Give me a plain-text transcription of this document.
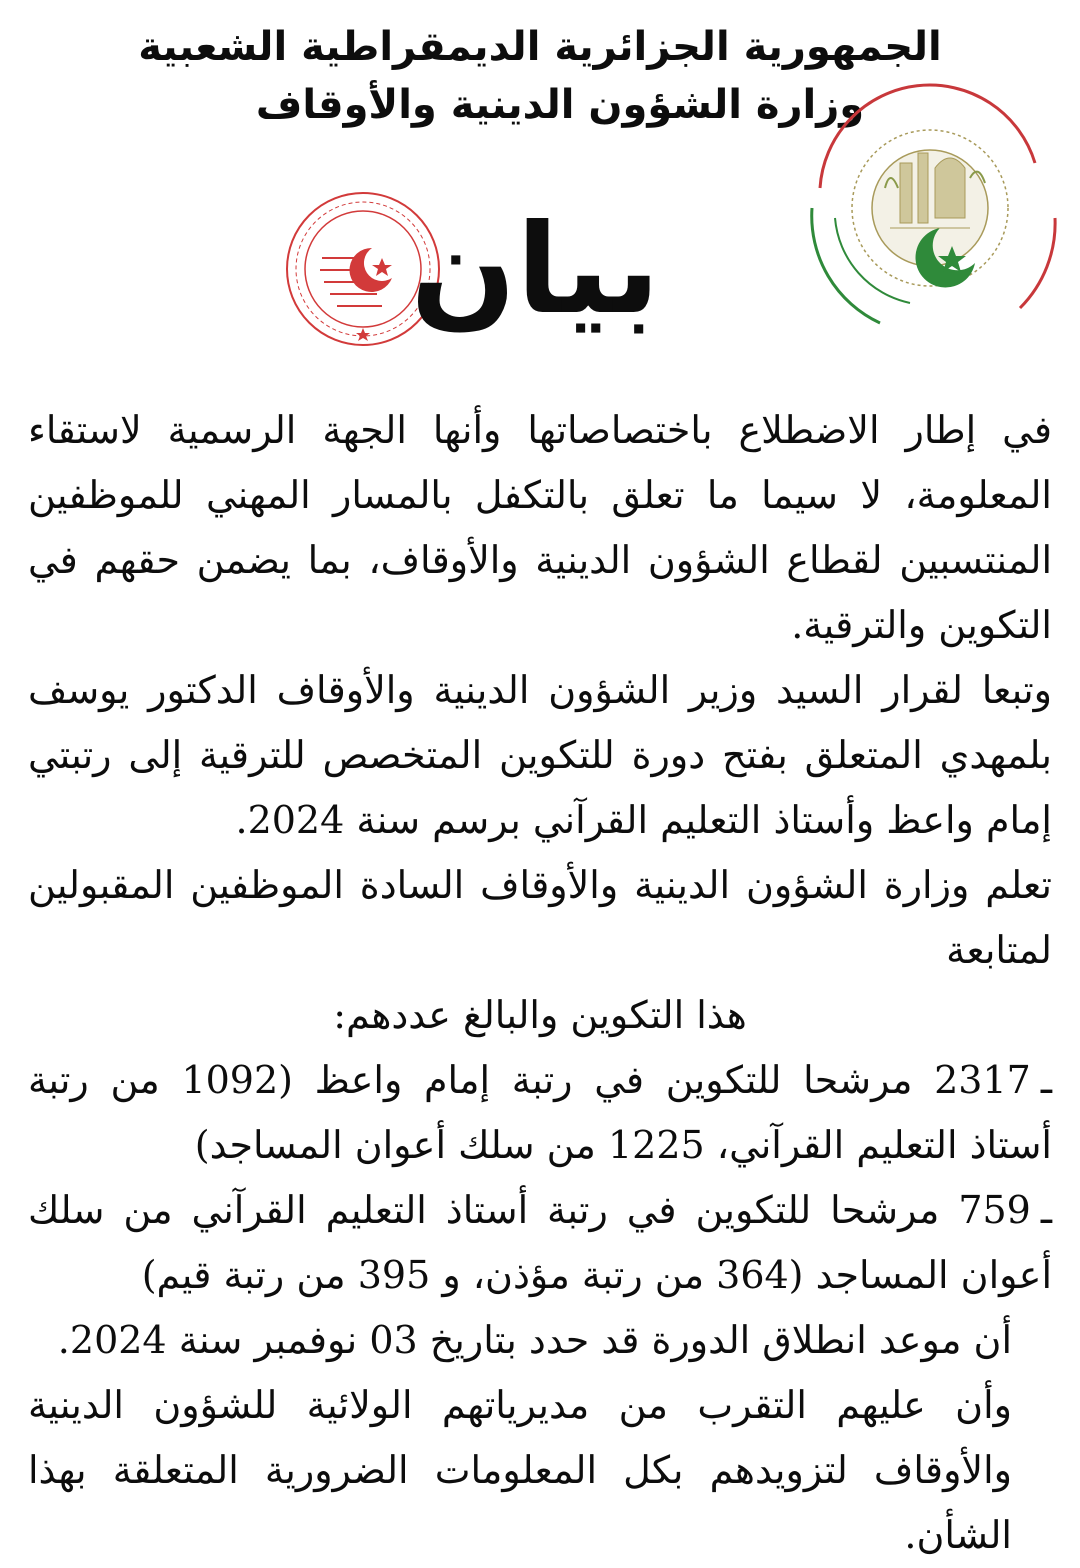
الجمهورية الجزائرية الديمقراطية الشعبية
وزارة الشؤون الدينية والأوقاف
بيان

في إطار الاضطلاع باختصاصاتها وأنها الجهة الرسمية لاستقاء المعلومة، لا سيما ما تعلق بالتكفل بالمسار المهني للموظفين المنتسبين لقطاع الشؤون الدينية والأوقاف، بما يضمن حقهم في التكوين والترقية.

وتبعا لقرار السيد وزير الشؤون الدينية والأوقاف الدكتور يوسف بلمهدي المتعلق بفتح دورة للتكوين المتخصص للترقية إلى رتبتي إمام واعظ وأستاذ التعليم القرآني برسم سنة 2024.

تعلم وزارة الشؤون الدينية والأوقاف السادة الموظفين المقبولين لمتابعة

هذا التكوين والبالغ عددهم:

ـ2317 مرشحا للتكوين في رتبة إمام واعظ (1092 من رتبة أستاذ التعليم القرآني، 1225 من سلك أعوان المساجد)

ـ759 مرشحا للتكوين في رتبة أستاذ التعليم القرآني من سلك أعوان المساجد (364 من رتبة مؤذن، و 395 من رتبة قيم)

أن موعد انطلاق الدورة قد حدد بتاريخ 03 نوفمبر سنة 2024.

وأن عليهم التقرب من مديرياتهم الولائية للشؤون الدينية والأوقاف لتزويدهم بكل المعلومات الضرورية المتعلقة بهذا الشأن.
